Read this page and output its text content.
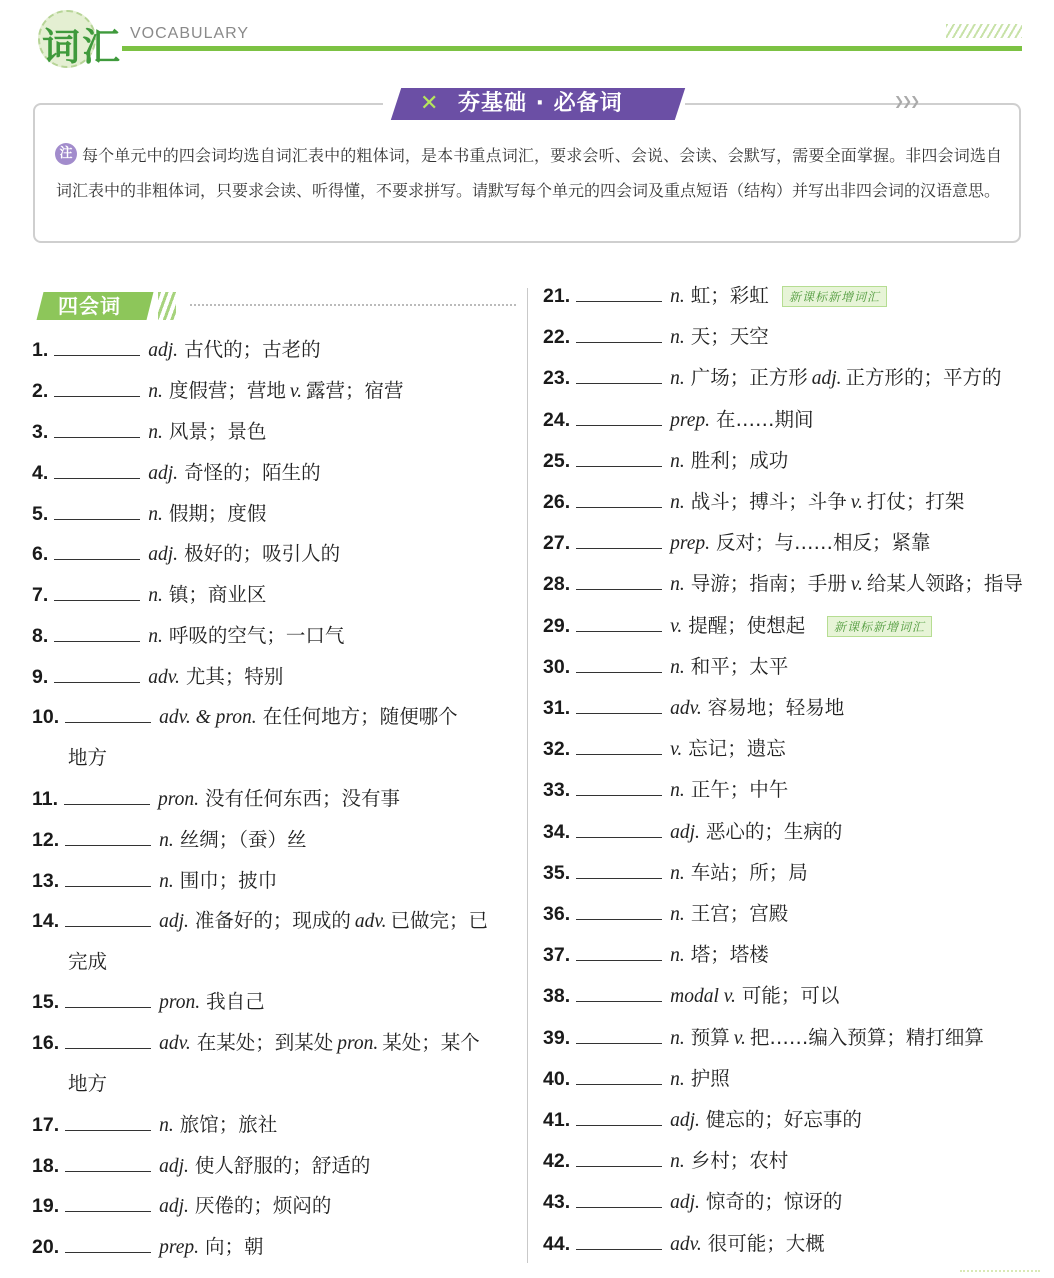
词汇 VOCABULARY
✕ 夯基础 · 必备词	❯❯❯
注 每个单元中的四会词均选自词汇表中的粗体词，是本书重点词汇，要求会听、会说、会读、会默写，需要全面掌握。非四会词选自词汇表中的非粗体词，只要求会读、听得懂，不要求拼写。请默写每个单元的四会词及重点短语（结构）并写出非四会词的汉语意思。
四会词
1.	adj. 古代的；古老的
2.	n. 度假营；营地 v. 露营；宿营
3.	n. 风景；景色
4.	adj. 奇怪的；陌生的
5.	n. 假期；度假
6.	adj. 极好的；吸引人的
7.	n. 镇；商业区
8.	n. 呼吸的空气；一口气
9.	adv. 尤其；特别
10.	adv. & pron. 在任何地方；随便哪个
地方
11.	pron. 没有任何东西；没有事
12.	n. 丝绸；（蚕）丝
13.	n. 围巾；披巾
14.	adj. 准备好的；现成的 adv. 已做完；已
完成
15.	pron. 我自己
16.	adv. 在某处；到某处 pron. 某处；某个
地方
17.	n. 旅馆；旅社
18.	adj. 使人舒服的；舒适的
19.	adj. 厌倦的；烦闷的
20.	prep. 向；朝
21.	n. 虹；彩虹	新课标新增词汇
22.	n. 天；天空
23.	n. 广场；正方形 adj. 正方形的；平方的
24.	prep. 在……期间
25.	n. 胜利；成功
26.	n. 战斗；搏斗；斗争 v. 打仗；打架
27.	prep. 反对；与……相反；紧靠
28.	n. 导游；指南；手册 v. 给某人领路；指导
29.	v. 提醒；使想起	新课标新增词汇
30.	n. 和平；太平
31.	adv. 容易地；轻易地
32.	v. 忘记；遗忘
33.	n. 正午；中午
34.	adj. 恶心的；生病的
35.	n. 车站；所；局
36.	n. 王宫；宫殿
37.	n. 塔；塔楼
38.	modal v. 可能；可以
39.	n. 预算 v. 把……编入预算；精打细算
40.	n. 护照
41.	adj. 健忘的；好忘事的
42.	n. 乡村；农村
43.	adj. 惊奇的；惊讶的
44.	adv. 很可能；大概
